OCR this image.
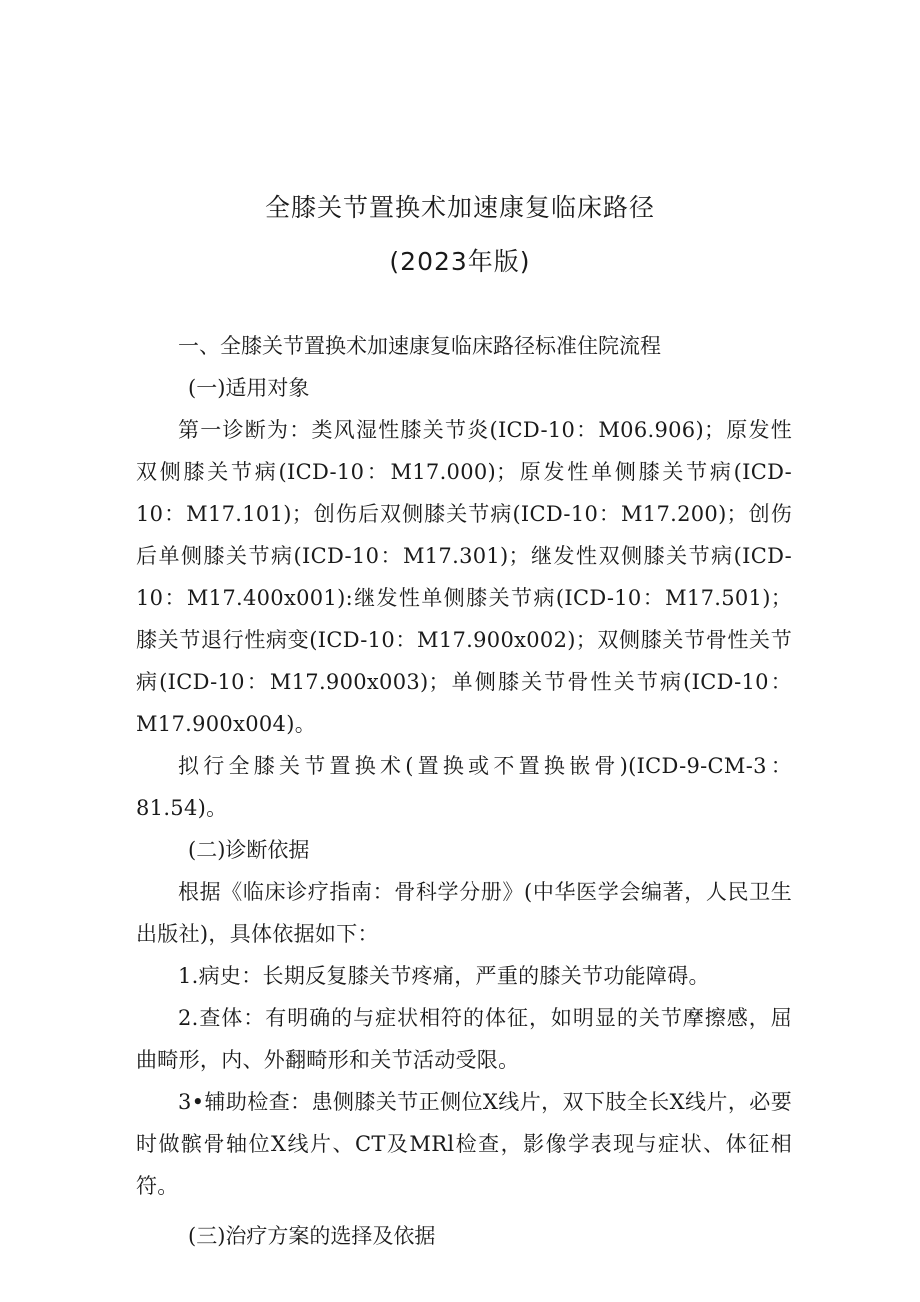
全膝关节置换术加速康复临床路径
(2023年版)

一、全膝关节置换术加速康复临床路径标准住院流程

(一)适用对象

第一诊断为：类风湿性膝关节炎(ICD-10：M06.906)；原发性双侧膝关节病(ICD-10：M17.000)；原发性单侧膝关节病(ICD-10：M17.101)；创伤后双侧膝关节病(ICD-10：M17.200)；创伤后单侧膝关节病(ICD-10：M17.301)；继发性双侧膝关节病(ICD-10：M17.400x001):继发性单侧膝关节病(ICD-10：M17.501)；膝关节退行性病变(ICD-10：M17.900x002)；双侧膝关节骨性关节病(ICD-10：M17.900x003)；单侧膝关节骨性关节病(ICD-10：M17.900x004)。

拟行全膝关节置换术(置换或不置换嵌骨)(ICD-9-CM-3：81.54)。

(二)诊断依据

根据《临床诊疗指南：骨科学分册》(中华医学会编著，人民卫生出版社)，具体依据如下：

1.病史：长期反复膝关节疼痛，严重的膝关节功能障碍。

2.查体：有明确的与症状相符的体征，如明显的关节摩擦感，屈曲畸形，内、外翻畸形和关节活动受限。

3•辅助检查：患侧膝关节正侧位X线片，双下肢全长X线片，必要时做髌骨轴位X线片、CT及MRl检查，影像学表现与症状、体征相符。

(三)治疗方案的选择及依据
